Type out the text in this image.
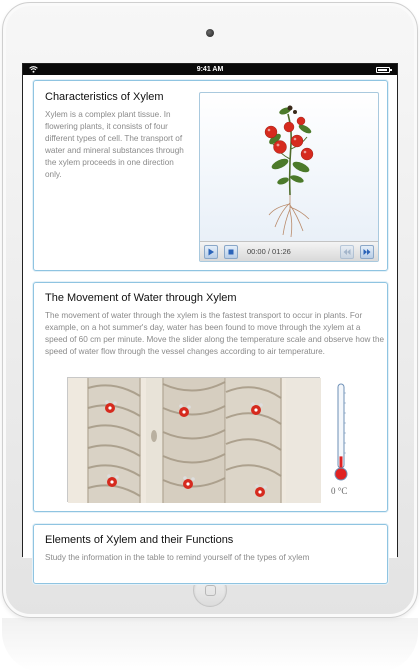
9:41 AM
Characteristics of Xylem
Xylem is a complex plant tissue. In flowering plants, it consists of four different types of cell. The transport of water and mineral substances through the xylem proceeds in one direction only.
00:00 / 01:26
The Movement of Water through Xylem
The movement of water through the xylem is the fastest transport to occur in plants. For example, on a hot summer's day, water has been found to move through the xylem at a speed of 60 cm per minute. Move the slider along the temperature scale and observe how the speed of water flow through the vessel changes according to air temperature.
0 °C
Elements of Xylem and their Functions
Study the information in the table to remind yourself of the types of xylem
